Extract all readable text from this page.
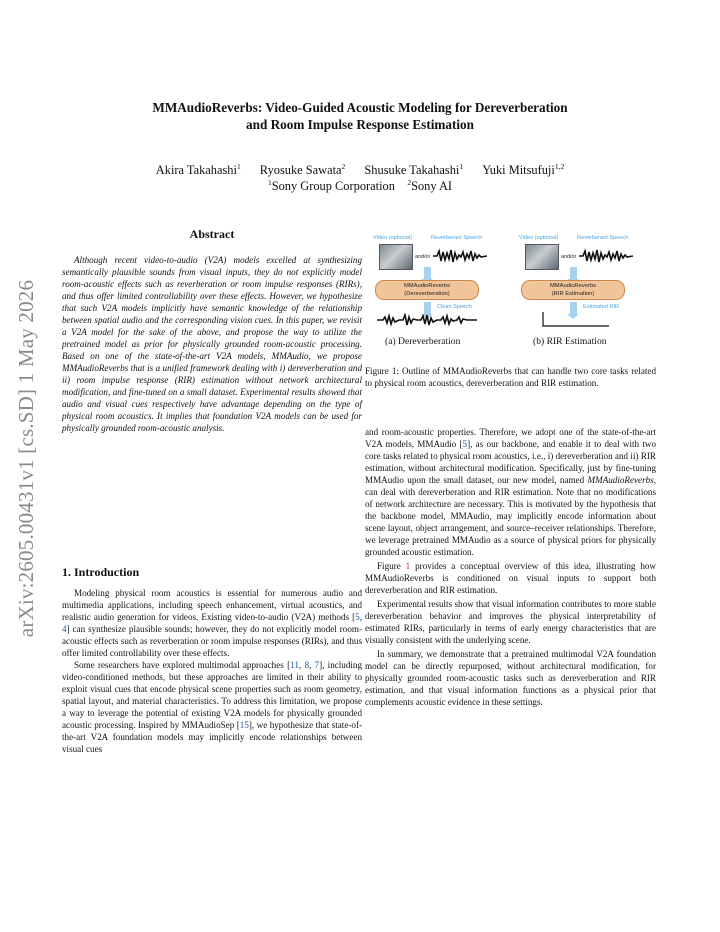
arXiv:2605.00431v1 [cs.SD] 1 May 2026
MMAudioReverbs: Video-Guided Acoustic Modeling for Dereverberation
and Room Impulse Response Estimation
Akira Takahashi$^1$ Ryosuke Sawata$^2$ Shusuke Takahashi$^1$ Yuki Mitsufuji$^{1,2}$
$^1$Sony Group Corporation $^2$Sony AI
Abstract
Although recent video-to-audio (V2A) models excelled at synthesizing semantically plausible sounds from visual inputs, they do not explicitly model room-acoustic effects such as reverberation or room impulse responses (RIRs), and thus offer limited controllability over these effects. However, we hypothesize that such V2A models implicitly have semantic knowledge of the relationship between spatial audio and the corresponding vision cues. In this paper, we revisit a V2A model for the sake of the above, and propose the way to utilize the pretrained model as prior for physically grounded room-acoustic processing. Based on one of the state-of-the-art V2A models, MMAudio, we propose MMAudioReverbs that is a unified framework dealing with i) dereverberation and ii) room impulse response (RIR) estimation without network architectural modification, and fine-tuned on a small dataset. Experimental results showed that audio and visual cues respectively have advantage depending on the type of physical room acoustics. It implies that foundation V2A models can be used for physically grounded room-acoustic analysis.
1. Introduction

Modeling physical room acoustics is essential for numerous audio and multimedia applications, including speech enhancement, virtual acoustics, and realistic audio generation for videos. Existing video-to-audio (V2A) methods [5, 4] can synthesize plausible sounds; however, they do not explicitly model room-acoustic effects such as reverberation or room impulse responses (RIRs), and thus offer limited controllability over these effects.

Some researchers have explored multimodal approaches [11, 8, 7], including video-conditioned methods, but these approaches are limited in their ability to exploit visual cues that encode physical scene properties such as room geometry, spatial layout, and material characteristics. To address this limitation, we propose a way to leverage the potential of existing V2A models for physically grounded acoustic processing. Inspired by MMAudioSep [15], we hypothesize that state-of-the-art V2A foundation models may implicitly encode relationships between visual cues

Video (optional)	Reverberant Speech
and/or
MMAudioReverbs
(Dereverberation)
Clean Speech
(a) Dereverberation
Video (optional)	Reverberant Speech
and/or
MMAudioReverbs
(RIR Estimation)
Estimated RIR
(b) RIR Estimation
Figure 1: Outline of MMAudioReverbs that can handle two core tasks related to physical room acoustics, dereverberation and RIR estimation.

and room-acoustic properties. Therefore, we adopt one of the state-of-the-art V2A models, MMAudio [5], as our backbone, and enable it to deal with two core tasks related to physical room acoustics, i.e., i) dereverberation and ii) RIR estimation, without architectural modification. Specifically, just by fine-tuning MMAudio upon the small dataset, our new model, named MMAudioReverbs, can deal with dereverberation and RIR estimation. Note that no modifications of network architecture are necessary. This is motivated by the hypothesis that the backbone model, MMAudio, may implicitly encode information about scene layout, object arrangement, and source–receiver relationships. Therefore, we leverage pretrained MMAudio as a source of physical priors for physically grounded acoustic estimation.

Figure 1 provides a conceptual overview of this idea, illustrating how MMAudioReverbs is conditioned on visual inputs to support both dereverberation and RIR estimation.

Experimental results show that visual information contributes to more stable dereverberation behavior and improves the physical interpretability of estimated RIRs, particularly in terms of early energy characteristics that are visually consistent with the underlying scene.

In summary, we demonstrate that a pretrained multimodal V2A foundation model can be directly repurposed, without architectural modification, for physically grounded room-acoustic tasks such as dereverberation and RIR estimation, and that visual information functions as a physical prior that complements acoustic evidence in these settings.
